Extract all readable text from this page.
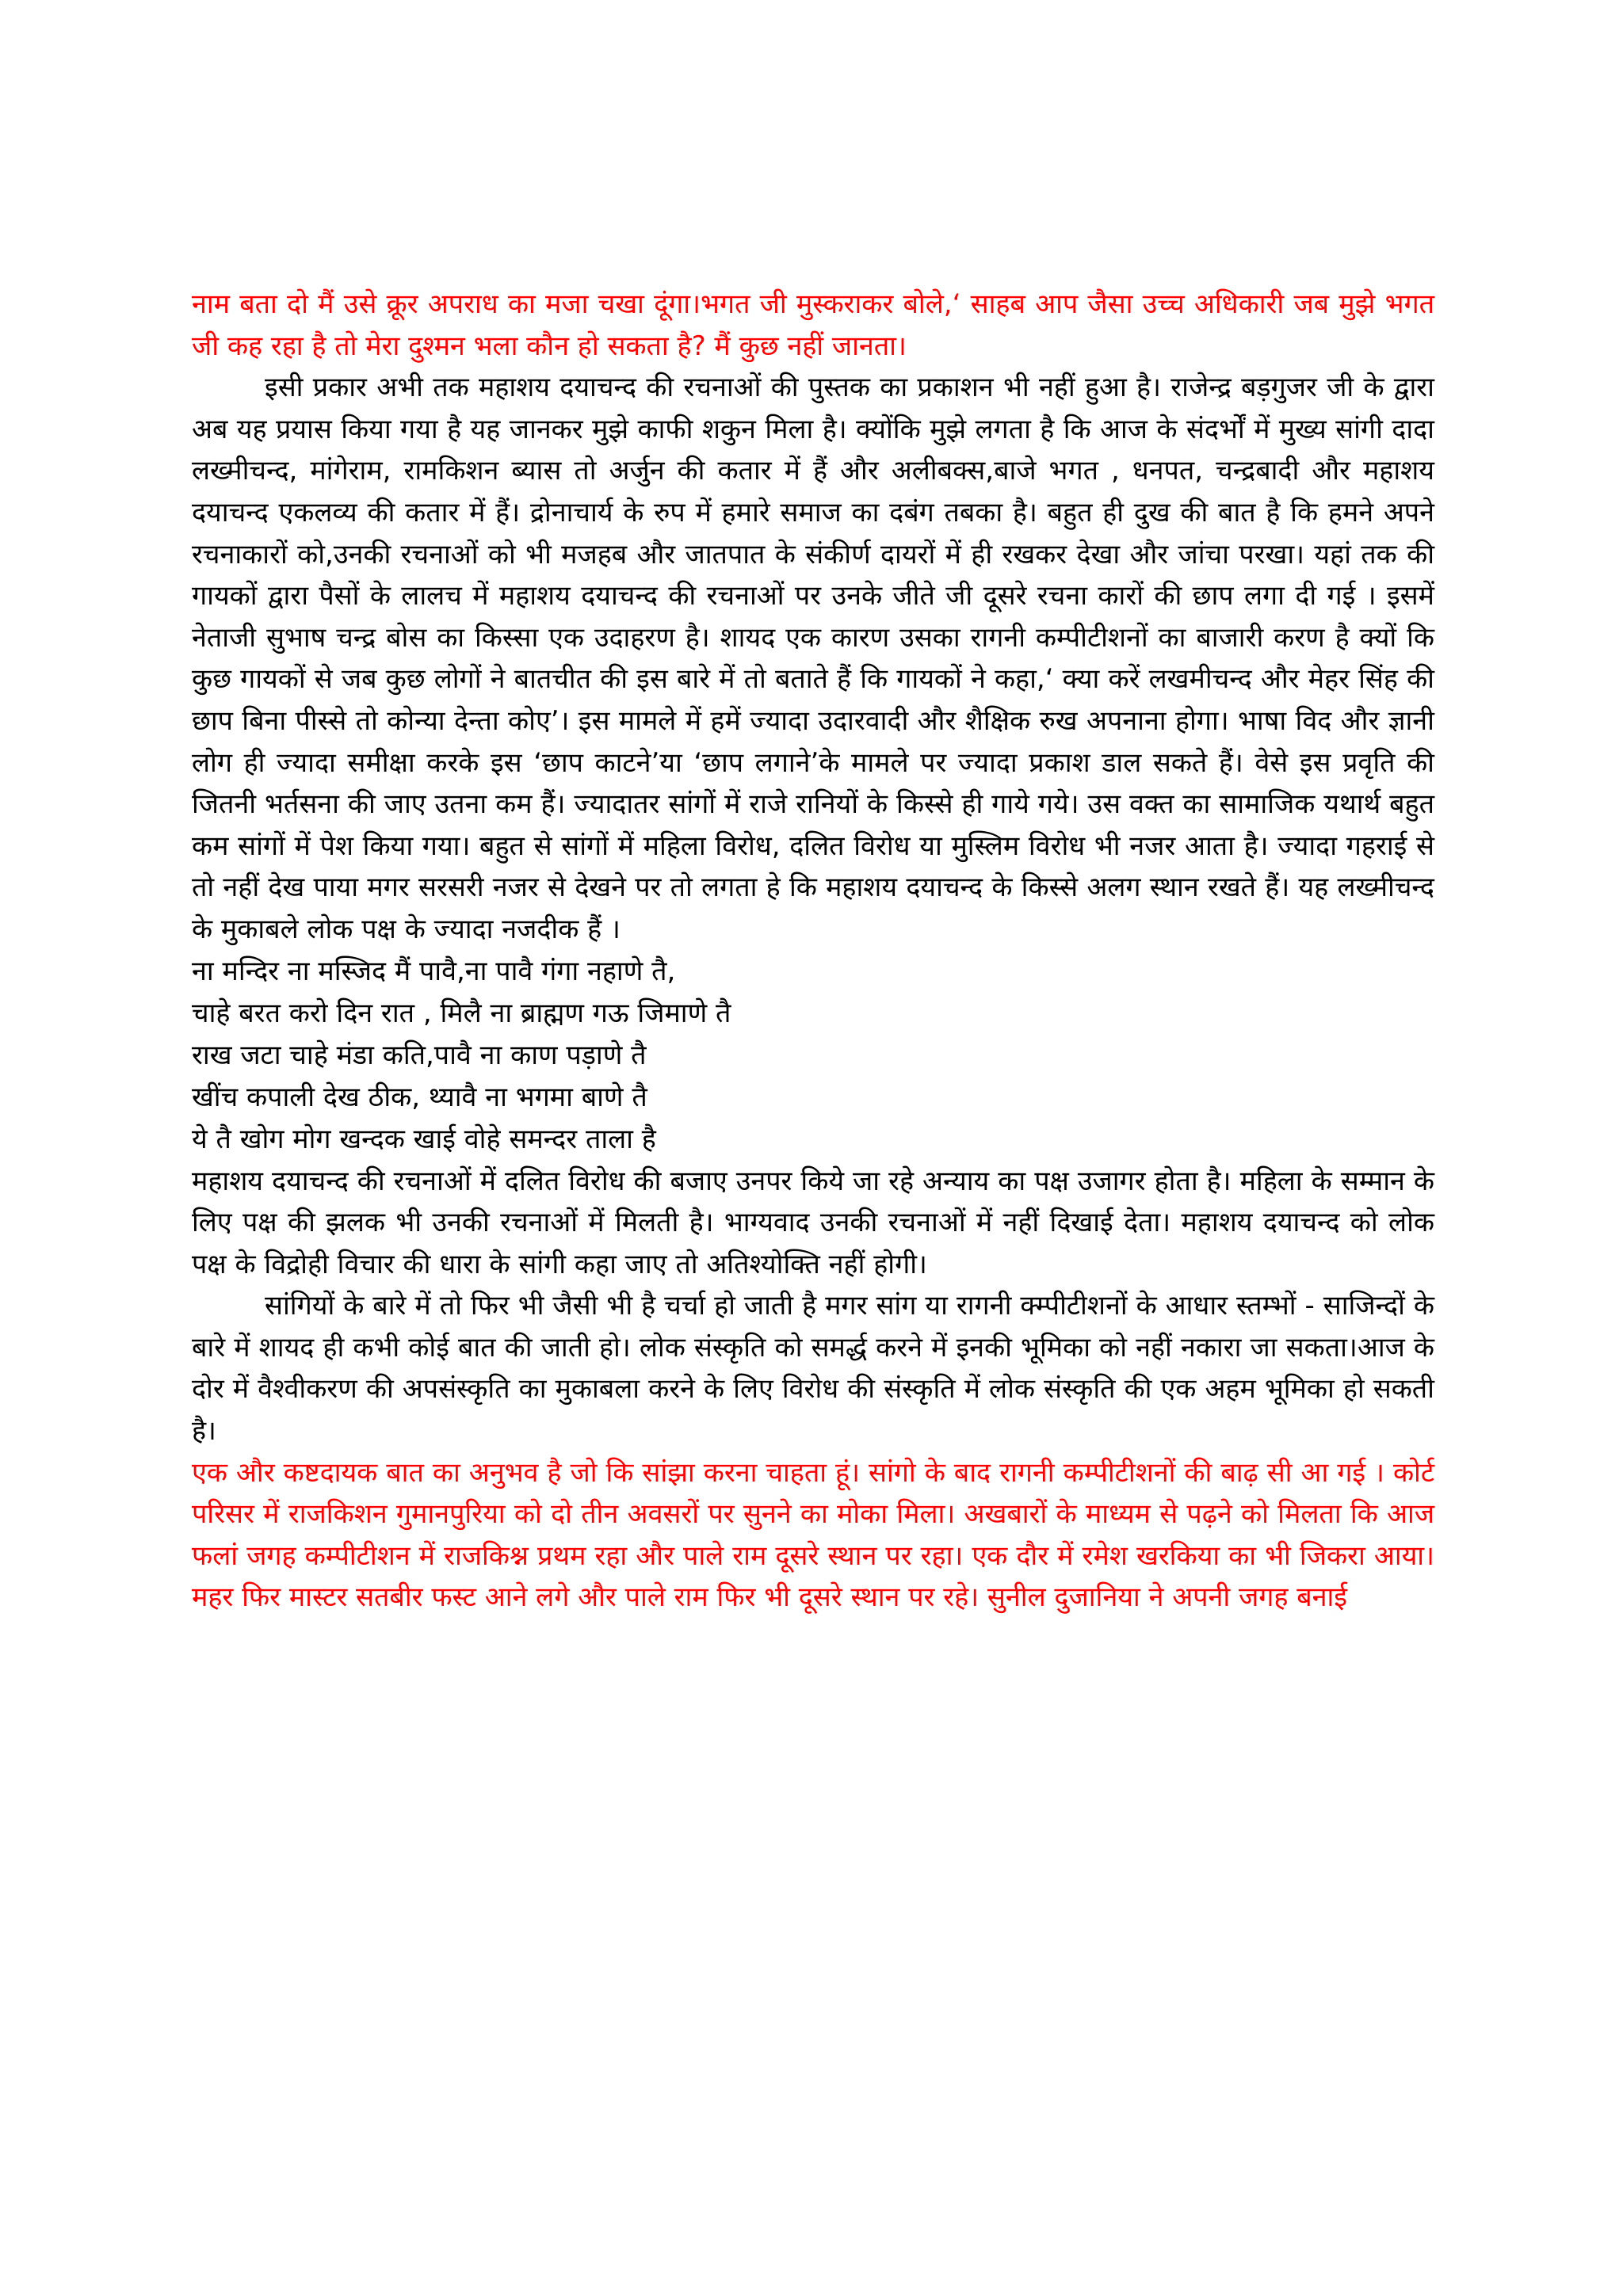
नाम बता दो मैं उसे क्रूर अपराध का मजा चखा दूंगा।भगत जी मुस्कराकर बोले,‘ साहब आप जैसा उच्च अधिकारी जब मुझे भगत जी कह रहा है तो मेरा दुश्मन भला कौन हो सकता है? मैं कुछ नहीं जानता।

इसी प्रकार अभी तक महाशय दयाचन्द की रचनाओं की पुस्तक का प्रकाशन भी नहीं हुआ है। राजेन्द्र बड़गुजर जी के द्वारा अब यह प्रयास किया गया है यह जानकर मुझे काफी शकुन मिला है। क्योंकि मुझे लगता है कि आज के संदर्भों में मुख्य सांगी दादा लख्मीचन्द, मांगेराम, रामकिशन ब्यास तो अर्जुन की कतार में हैं और अलीबक्स,बाजे भगत , धनपत, चन्द्रबादी और महाशय दयाचन्द एकलव्य की कतार में हैं। द्रोनाचार्य के रुप में हमारे समाज का दबंग तबका है। बहुत ही दुख की बात है कि हमने अपने रचनाकारों को,उनकी रचनाओं को भी मजहब और जातपात के संकीर्ण दायरों में ही रखकर देखा और जांचा परखा। यहां तक की गायकों द्वारा पैसों के लालच में महाशय दयाचन्द की रचनाओं पर उनके जीते जी दूसरे रचना कारों की छाप लगा दी गई । इसमें नेताजी सुभाष चन्द्र बोस का किस्सा एक उदाहरण है। शायद एक कारण उसका रागनी कम्पीटीशनों का बाजारी करण है क्यों कि कुछ गायकों से जब कुछ लोगों ने बातचीत की इस बारे में तो बताते हैं कि गायकों ने कहा,‘ क्या करें लखमीचन्द और मेहर सिंह की छाप बिना पीस्से तो कोन्या देन्ता कोए’। इस मामले में हमें ज्यादा उदारवादी और शैक्षिक रुख अपनाना होगा। भाषा विद और ज्ञानी लोग ही ज्यादा समीक्षा करके इस ‘छाप काटने’या ‘छाप लगाने’के मामले पर ज्यादा प्रकाश डाल सकते हैं। वेसे इस प्रवृति की जितनी भर्तसना की जाए उतना कम हैं। ज्यादातर सांगों में राजे रानियों के किस्से ही गाये गये। उस वक्त का सामाजिक यथार्थ बहुत कम सांगों में पेश किया गया। बहुत से सांगों में महिला विरोध, दलित विरोध या मुस्लिम विरोध भी नजर आता है। ज्यादा गहराई से तो नहीं देख पाया मगर सरसरी नजर से देखने पर तो लगता हे कि महाशय दयाचन्द के किस्से अलग स्थान रखते हैं। यह लख्मीचन्द के मुकाबले लोक पक्ष के ज्यादा नजदीक हैं ।

ना मन्दिर ना मस्जिद मैं पावै,ना पावै गंगा नहाणे तै,
चाहे बरत करो दिन रात , मिलै ना ब्राह्मण गऊ जिमाणे तै
राख जटा चाहे मंडा कति,पावै ना काण पड़ाणे तै
खींच कपाली देख ठीक, थ्यावै ना भगमा बाणे तै
ये तै खोग मोग खन्दक खाई वोहे समन्दर ताला है

महाशय दयाचन्द की रचनाओं में दलित विरोध की बजाए उनपर किये जा रहे अन्याय का पक्ष उजागर होता है। महिला के सम्मान के लिए पक्ष की झलक भी उनकी रचनाओं में मिलती है। भाग्यवाद उनकी रचनाओं में नहीं दिखाई देता। महाशय दयाचन्द को लोक पक्ष के विद्रोही विचार की धारा के सांगी कहा जाए तो अतिश्योक्ति नहीं होगी।

सांगियों के बारे में तो फिर भी जैसी भी है चर्चा हो जाती है मगर सांग या रागनी क्म्पीटीशनों के आधार स्तम्भों - साजिन्दों के बारे में शायद ही कभी कोई बात की जाती हो। लोक संस्कृति को समर्द्ध करने में इनकी भूमिका को नहीं नकारा जा सकता।आज के दोर में वैश्वीकरण की अपसंस्कृति का मुकाबला करने के लिए विरोध की संस्कृति में लोक संस्कृति की एक अहम भूमिका हो सकती है।

एक और कष्टदायक बात का अनुभव है जो कि सांझा करना चाहता हूं। सांगो के बाद रागनी कम्पीटीशनों की बाढ़ सी आ गई । कोर्ट परिसर में राजकिशन गुमानपुरिया को दो तीन अवसरों पर सुनने का मोका मिला। अखबारों के माध्यम से पढ़ने को मिलता कि आज फलां जगह कम्पीटीशन में राजकिश्न प्रथम रहा और पाले राम दूसरे स्थान पर रहा। एक दौर में रमेश खरकिया का भी जिकरा आया। महर फिर मास्टर सतबीर फस्ट आने लगे और पाले राम फिर भी दूसरे स्थान पर रहे। सुनील दुजानिया ने अपनी जगह बनाई
